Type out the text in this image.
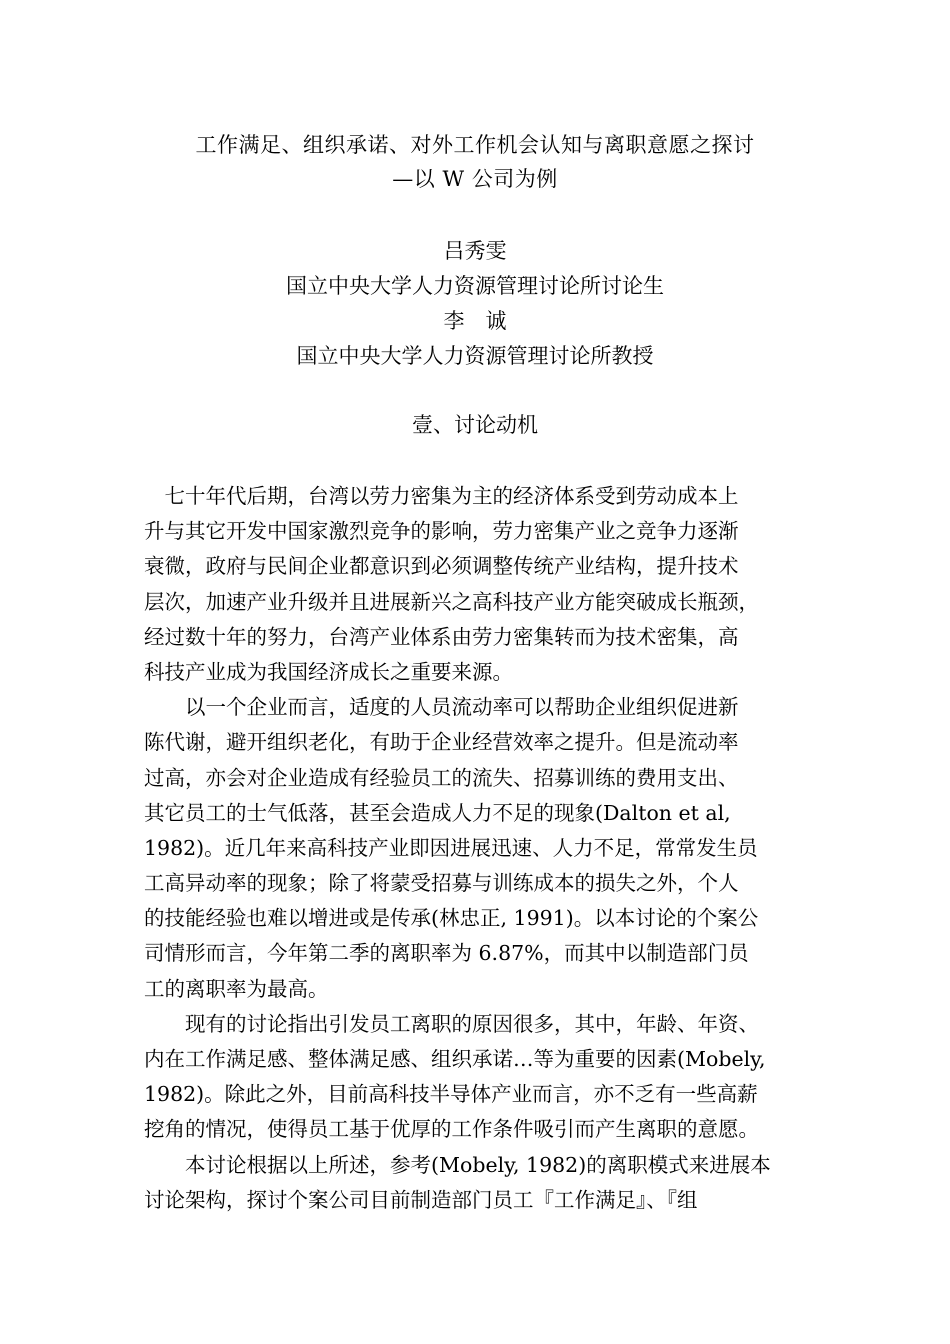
工作满足、组织承诺、对外工作机会认知与离职意愿之探讨
—以 W 公司为例
吕秀雯
国立中央大学人力资源管理讨论所讨论生
李　诚
国立中央大学人力资源管理讨论所教授
壹、讨论动机
　七十年代后期，台湾以劳力密集为主的经济体系受到劳动成本上
升与其它开发中国家激烈竞争的影响，劳力密集产业之竞争力逐渐
衰微，政府与民间企业都意识到必须调整传统产业结构，提升技术
层次，加速产业升级并且进展新兴之高科技产业方能突破成长瓶颈，
经过数十年的努力，台湾产业体系由劳力密集转而为技术密集，高
科技产业成为我国经济成长之重要来源。
　　以一个企业而言，适度的人员流动率可以帮助企业组织促进新
陈代谢，避开组织老化，有助于企业经营效率之提升。但是流动率
过高，亦会对企业造成有经验员工的流失、招募训练的费用支出、
其它员工的士气低落，甚至会造成人力不足的现象(Dalton et al,
1982)。近几年来高科技产业即因进展迅速、人力不足，常常发生员
工高异动率的现象；除了将蒙受招募与训练成本的损失之外，个人
的技能经验也难以增进或是传承(林忠正, 1991)。以本讨论的个案公
司情形而言，今年第二季的离职率为 6.87%，而其中以制造部门员
工的离职率为最高。
　　现有的讨论指出引发员工离职的原因很多，其中，年龄、年资、
内在工作满足感、整体满足感、组织承诺…等为重要的因素(Mobely,
1982)。除此之外，目前高科技半导体产业而言，亦不乏有一些高薪
挖角的情况，使得员工基于优厚的工作条件吸引而产生离职的意愿。
　　本讨论根据以上所述，参考(Mobely, 1982)的离职模式来进展本
讨论架构，探讨个案公司目前制造部门员工『工作满足』、『组
